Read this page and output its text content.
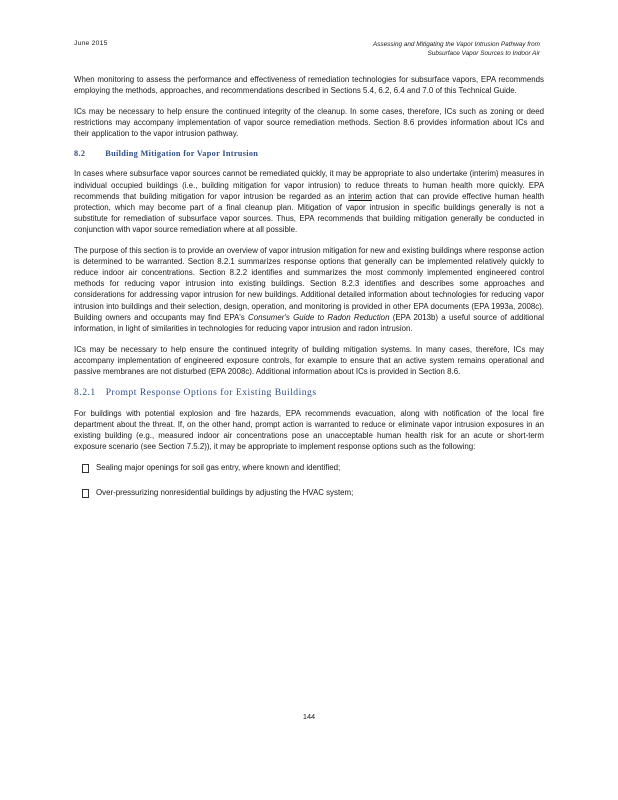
June 2015	Assessing and Mitigating the Vapor Intrusion Pathway from
Subsurface Vapor Sources to Indoor Air

When monitoring to assess the performance and effectiveness of remediation technologies for subsurface vapors, EPA recommends employing the methods, approaches, and recommendations described in Sections 5.4, 6.2, 6.4 and 7.0 of this Technical Guide.

ICs may be necessary to help ensure the continued integrity of the cleanup. In some cases, therefore, ICs such as zoning or deed restrictions may accompany implementation of vapor source remediation methods. Section 8.6 provides information about ICs and their application to the vapor intrusion pathway.

8.2 Building Mitigation for Vapor Intrusion

In cases where subsurface vapor sources cannot be remediated quickly, it may be appropriate to also undertake (interim) measures in individual occupied buildings (i.e., building mitigation for vapor intrusion) to reduce threats to human health more quickly. EPA recommends that building mitigation for vapor intrusion be regarded as an interim action that can provide effective human health protection, which may become part of a final cleanup plan. Mitigation of vapor intrusion in specific buildings generally is not a substitute for remediation of subsurface vapor sources. Thus, EPA recommends that building mitigation generally be conducted in conjunction with vapor source remediation where at all possible.

The purpose of this section is to provide an overview of vapor intrusion mitigation for new and existing buildings where response action is determined to be warranted. Section 8.2.1 summarizes response options that generally can be implemented relatively quickly to reduce indoor air concentrations. Section 8.2.2 identifies and summarizes the most commonly implemented engineered control methods for reducing vapor intrusion into existing buildings. Section 8.2.3 identifies and describes some approaches and considerations for addressing vapor intrusion for new buildings. Additional detailed information about technologies for reducing vapor intrusion into buildings and their selection, design, operation, and monitoring is provided in other EPA documents (EPA 1993a, 2008c). Building owners and occupants may find EPA's Consumer's Guide to Radon Reduction (EPA 2013b) a useful source of additional information, in light of similarities in technologies for reducing vapor intrusion and radon intrusion.

ICs may be necessary to help ensure the continued integrity of building mitigation systems. In many cases, therefore, ICs may accompany implementation of engineered exposure controls, for example to ensure that an active system remains operational and passive membranes are not disturbed (EPA 2008c). Additional information about ICs is provided in Section 8.6.

8.2.1 Prompt Response Options for Existing Buildings

For buildings with potential explosion and fire hazards, EPA recommends evacuation, along with notification of the local fire department about the threat. If, on the other hand, prompt action is warranted to reduce or eliminate vapor intrusion exposures in an existing building (e.g., measured indoor air concentrations pose an unacceptable human health risk for an acute or short-term exposure scenario (see Section 7.5.2)), it may be appropriate to implement response options such as the following:

Sealing major openings for soil gas entry, where known and identified;
Over-pressurizing nonresidential buildings by adjusting the HVAC system;
144
